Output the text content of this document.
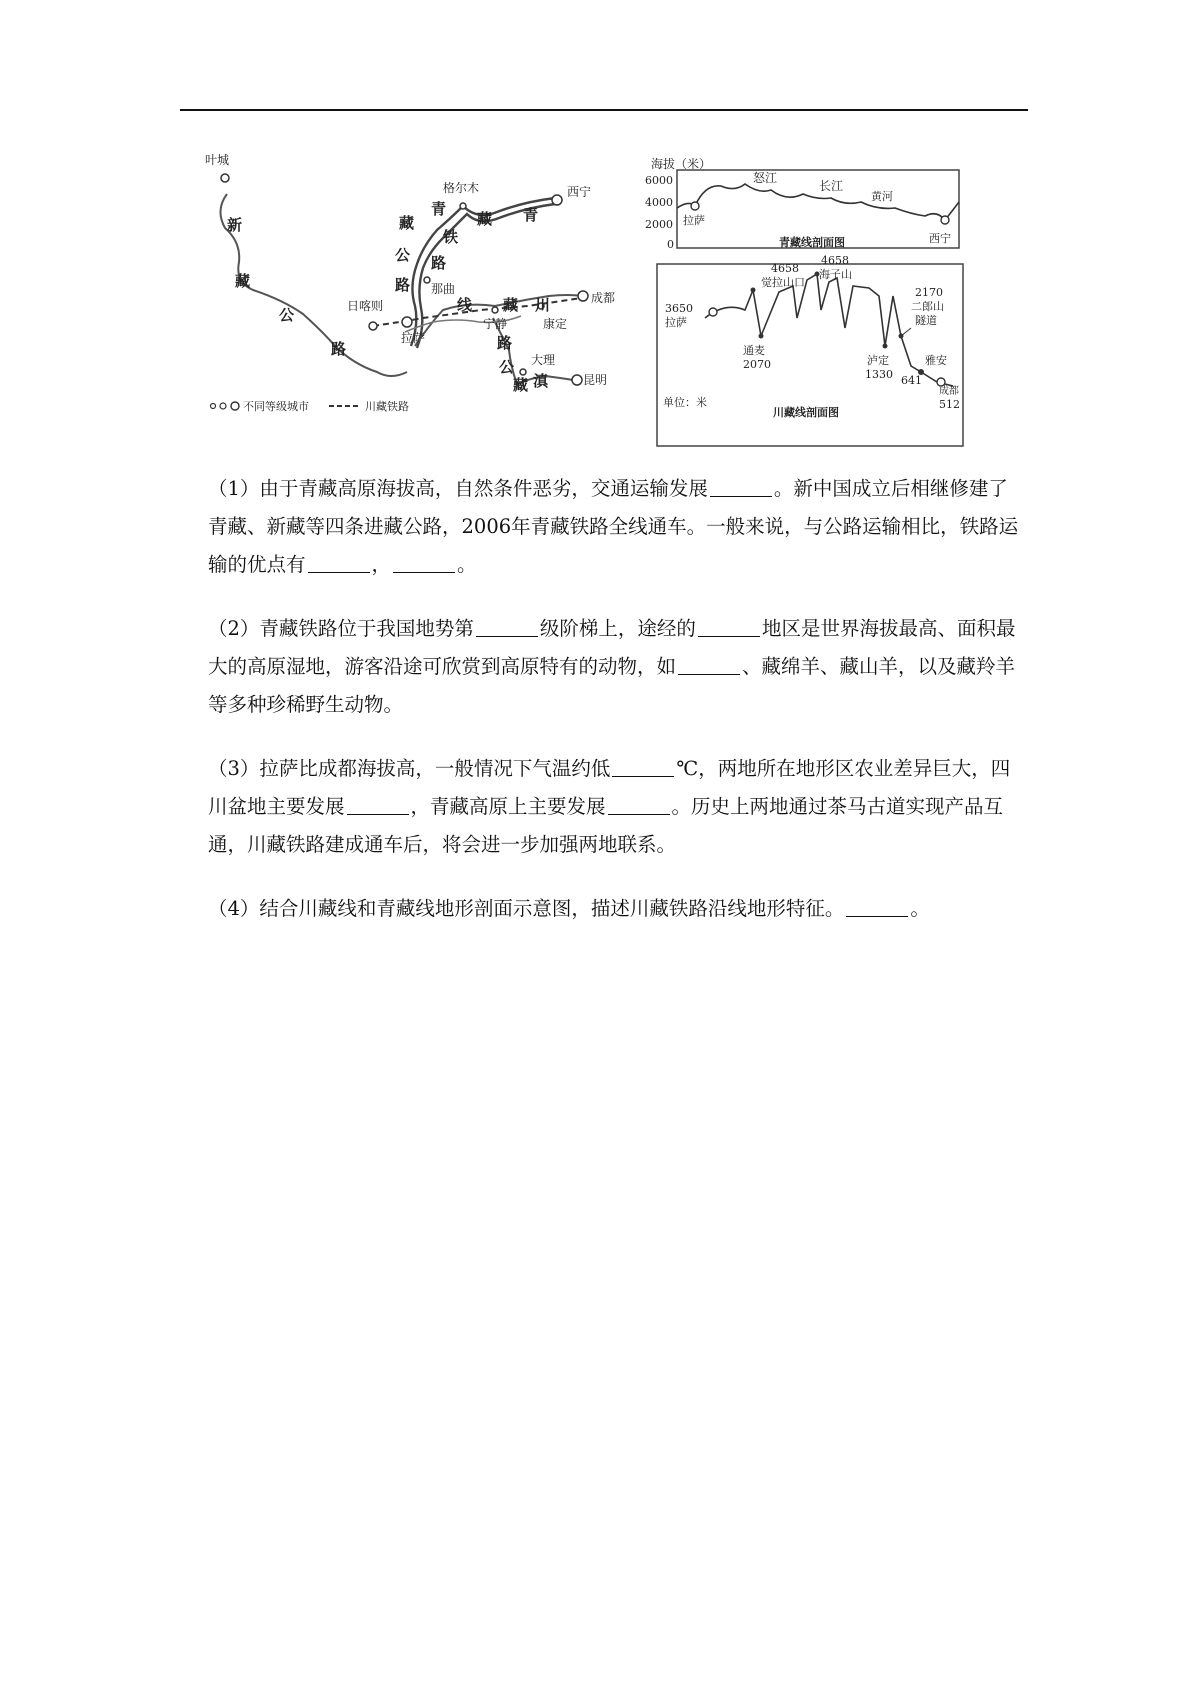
叶城
格尔木	西宁
日喀则
那曲
拉萨
宁静	康定
成都
大理
昆明
新
藏
公
路
青
藏
铁
路
青
藏
公
路
线 藏 川
路
公
藏 滇
不同等级城市	川藏铁路
海拔（米）
6000
4000
2000
0
怒江
长江
黄河
拉萨
西宁
青藏线剖面图
3650
拉萨
4658
觉拉山口
4658
海子山
通麦
2070
2170
二郎山
隧道
泸定
1330
雅安
641
成都
512
单位：米
川藏线剖面图

（1）由于青藏高原海拔高，自然条件恶劣，交通运输发展	。新中国成立后相继修建了青藏、新藏等四条进藏公路，2006年青藏铁路全线通车。一般来说，与公路运输相比，铁路运输的优点有	，	。

（2）青藏铁路位于我国地势第	级阶梯上，途经的	地区是世界海拔最高、面积最大的高原湿地，游客沿途可欣赏到高原特有的动物，如	、藏绵羊、藏山羊，以及藏羚羊等多种珍稀野生动物。

（3）拉萨比成都海拔高，一般情况下气温约低	℃，两地所在地形区农业差异巨大，四川盆地主要发展	，青藏高原上主要发展	。历史上两地通过茶马古道实现产品互通，川藏铁路建成通车后，将会进一步加强两地联系。

（4）结合川藏线和青藏线地形剖面示意图，描述川藏铁路沿线地形特征。	。
